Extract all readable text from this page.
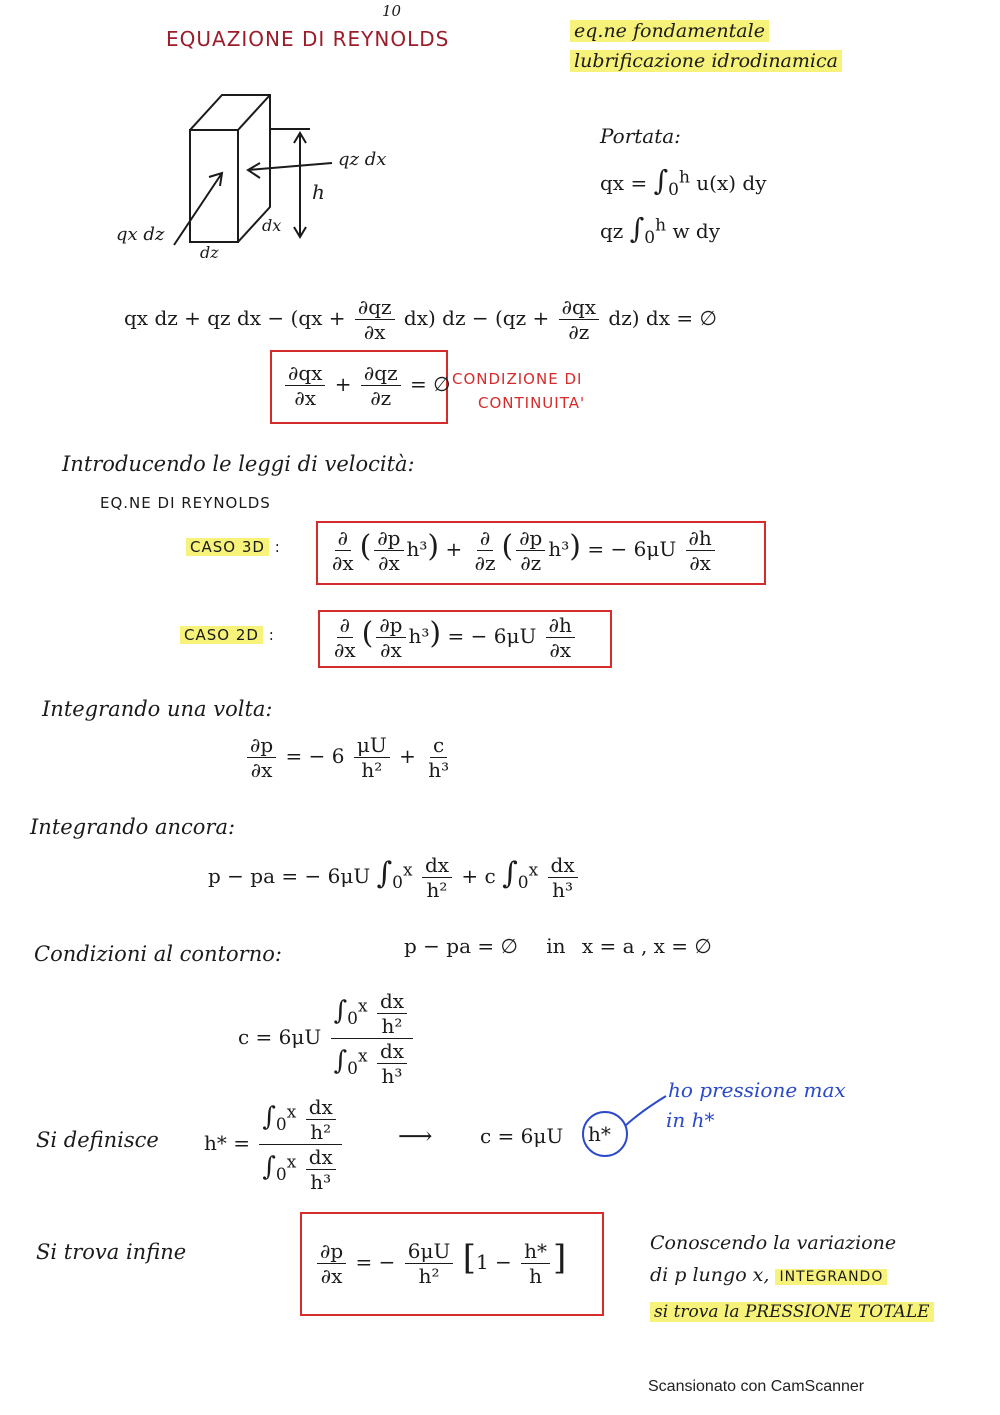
10
EQUAZIONE DI REYNOLDS	eq.ne fondamentale
lubrificazione idrodinamica
qz dx
qx dz
h
dx
dz
Portata:
qx = $\int_0^h$ u(x) dy
qz $\int_0^h$ w dy
qx dz + qz dx − $(qx + \frac{\partial qz}{\partial x} dx)$ dz − $(qz + \frac{\partial qx}{\partial z} dz)$ dx = ∅
$\frac{\partial qx}{\partial x} + \frac{\partial qz}{\partial z}$ = ∅ CONDIZIONE DI
CONTINUITA'
Introducendo le leggi di velocità:
EQ.NE DI REYNOLDS
CASO 3D : $\frac{\partial}{\partial x}$ ( $\frac{\partial p}{\partial x} h^3) + \frac{\partial}{\partial z}$ ( $\frac{\partial p}{\partial z} h^3$) = − $6\mu U \frac{\partial h}{\partial x}$
CASO 2D :	$\frac{\partial}{\partial x}$ ( $\frac{\partial p}{\partial x} h^3$) = − $6\mu U \frac{\partial h}{\partial x}$
Integrando una volta:
$\frac{\partial p}{\partial x}$ = − $6 \frac{\mu U}{\text{h²}} + \frac{c}{\text{h³}}$
Integrando ancora:
p − pa = − 6μU $\int_0^x \frac{dx}{\text{h²}} + c$ $\int_0^x \frac{dx}{\text{h³}}$
Condizioni al contorno:	p − pa = ∅ in x = a , x = ∅
$c = 6\mu U \frac{\int_0^x \frac{dx}{\text{h²}}}{\int_0^x \frac{dx}{\text{h³}}}$
Si definisce $h* = \frac{\int_0^x \frac{dx}{\text{h²}}}{\int_0^x \frac{dx}{\text{h³}}}$ ⟶ c = 6μU h*
ho pressione max
in h*
Si trova infine	$\frac{\partial p}{\partial x}$ = − $\frac{6\mu U}{\text{h²}} [1 - \frac{h*}{h}$ ]	Conoscendo la variazione
di p lungo x, INTEGRANDO
si trova la PRESSIONE TOTALE
Scansionato con CamScanner
